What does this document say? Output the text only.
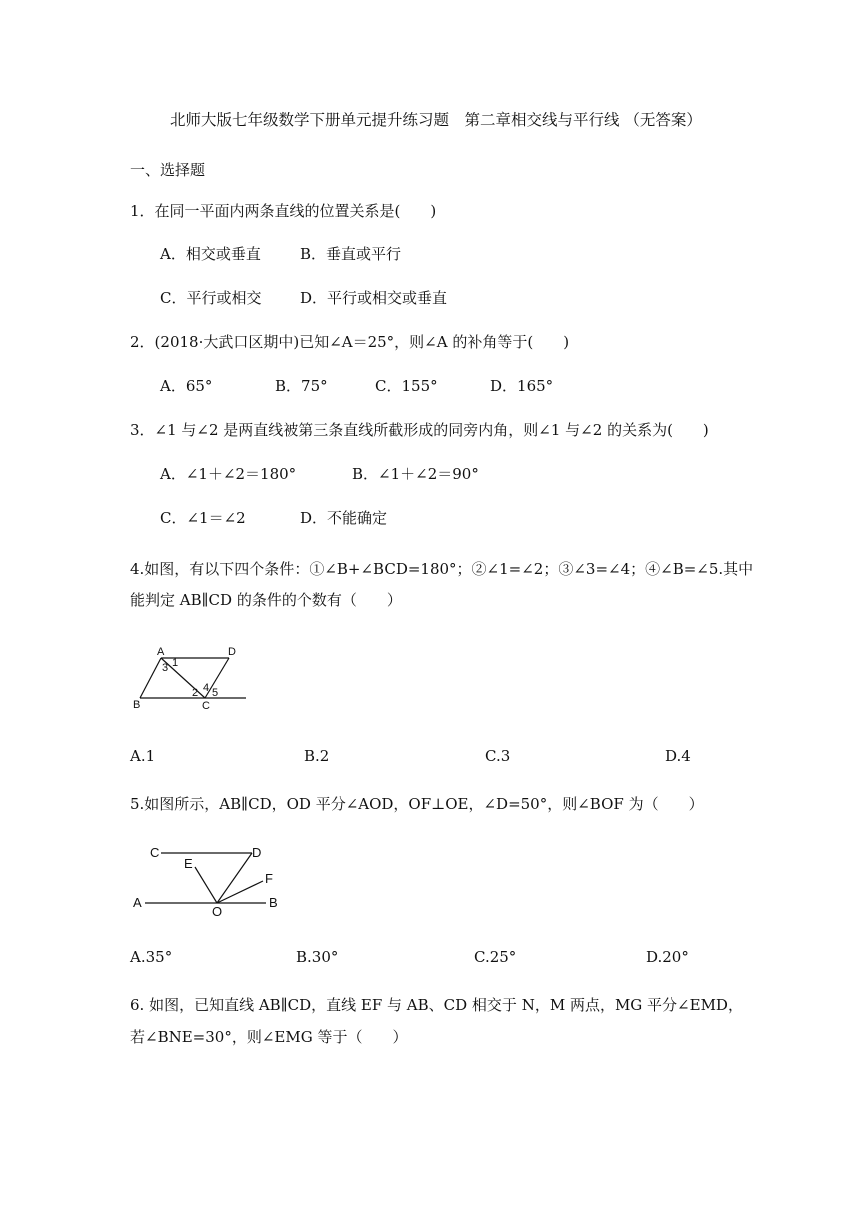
北师大版七年级数学下册单元提升练习题　第二章相交线与平行线 （无答案）
一、选择题
1．在同一平面内两条直线的位置关系是(　　)
A．相交或垂直	B．垂直或平行
C．平行或相交	D．平行或相交或垂直
2．(2018·大武口区期中)已知∠A＝25°，则∠A 的补角等于(　　)
A．65°	B．75°	C．155°	D．165°
3．∠1 与∠2 是两直线被第三条直线所截形成的同旁内角，则∠1 与∠2 的关系为(　　)
A．∠1＋∠2＝180°	B．∠1＋∠2＝90°
C．∠1＝∠2	D．不能确定
4.如图，有以下四个条件：①∠B+∠BCD=180°；②∠1=∠2；③∠3=∠4；④∠B=∠5.其中
能判定 AB∥CD 的条件的个数有（　　）
A	D
B	C
1
3
2 4 5
A.1	B.2	C.3	D.4
5.如图所示，AB∥CD，OD 平分∠AOD，OF⊥OE，∠D=50°，则∠BOF 为（　　）
C	D
E
F
A
O
B
A.35°	B.30°	C.25°	D.20°
6. 如图，已知直线 AB∥CD，直线 EF 与 AB、CD 相交于 N，M 两点，MG 平分∠EMD，
若∠BNE=30°，则∠EMG 等于（　　）
